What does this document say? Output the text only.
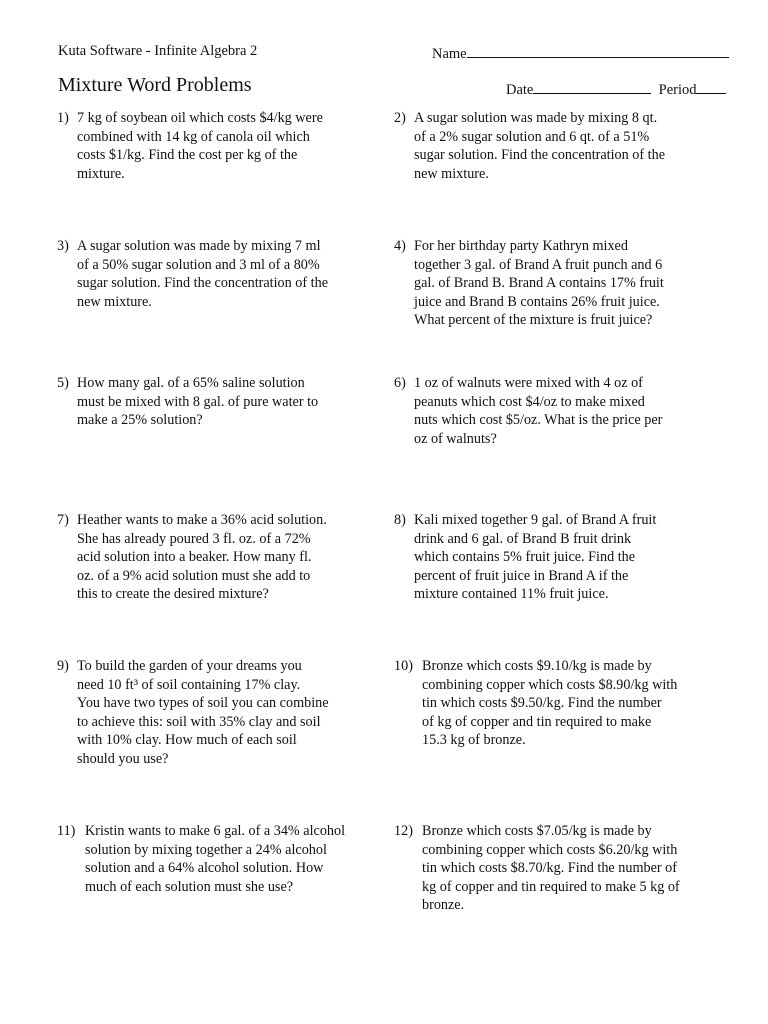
Kuta Software - Infinite Algebra 2	Name
Mixture Word Problems	Date	Period
1) 7 kg of soybean oil which costs $4/kg were
combined with 14 kg of canola oil which
costs $1/kg. Find the cost per kg of the
mixture.
2) A sugar solution was made by mixing 8 qt.
of a 2% sugar solution and 6 qt. of a 51%
sugar solution. Find the concentration of the
new mixture.
3) A sugar solution was made by mixing 7 ml
of a 50% sugar solution and 3 ml of a 80%
sugar solution. Find the concentration of the
new mixture.
4) For her birthday party Kathryn mixed
together 3 gal. of Brand A fruit punch and 6
gal. of Brand B. Brand A contains 17% fruit
juice and Brand B contains 26% fruit juice.
What percent of the mixture is fruit juice?
5) How many gal. of a 65% saline solution
must be mixed with 8 gal. of pure water to
make a 25% solution?
6) 1 oz of walnuts were mixed with 4 oz of
peanuts which cost $4/oz to make mixed
nuts which cost $5/oz. What is the price per
oz of walnuts?
7) Heather wants to make a 36% acid solution.
She has already poured 3 fl. oz. of a 72%
acid solution into a beaker. How many fl.
oz. of a 9% acid solution must she add to
this to create the desired mixture?
8) Kali mixed together 9 gal. of Brand A fruit
drink and 6 gal. of Brand B fruit drink
which contains 5% fruit juice. Find the
percent of fruit juice in Brand A if the
mixture contained 11% fruit juice.
9) To build the garden of your dreams you
need 10 ft³ of soil containing 17% clay.
You have two types of soil you can combine
to achieve this: soil with 35% clay and soil
with 10% clay. How much of each soil
should you use?
10) Bronze which costs $9.10/kg is made by
combining copper which costs $8.90/kg with
tin which costs $9.50/kg. Find the number
of kg of copper and tin required to make
15.3 kg of bronze.
11) Kristin wants to make 6 gal. of a 34% alcohol
solution by mixing together a 24% alcohol
solution and a 64% alcohol solution. How
much of each solution must she use?
12) Bronze which costs $7.05/kg is made by
combining copper which costs $6.20/kg with
tin which costs $8.70/kg. Find the number of
kg of copper and tin required to make 5 kg of
bronze.
